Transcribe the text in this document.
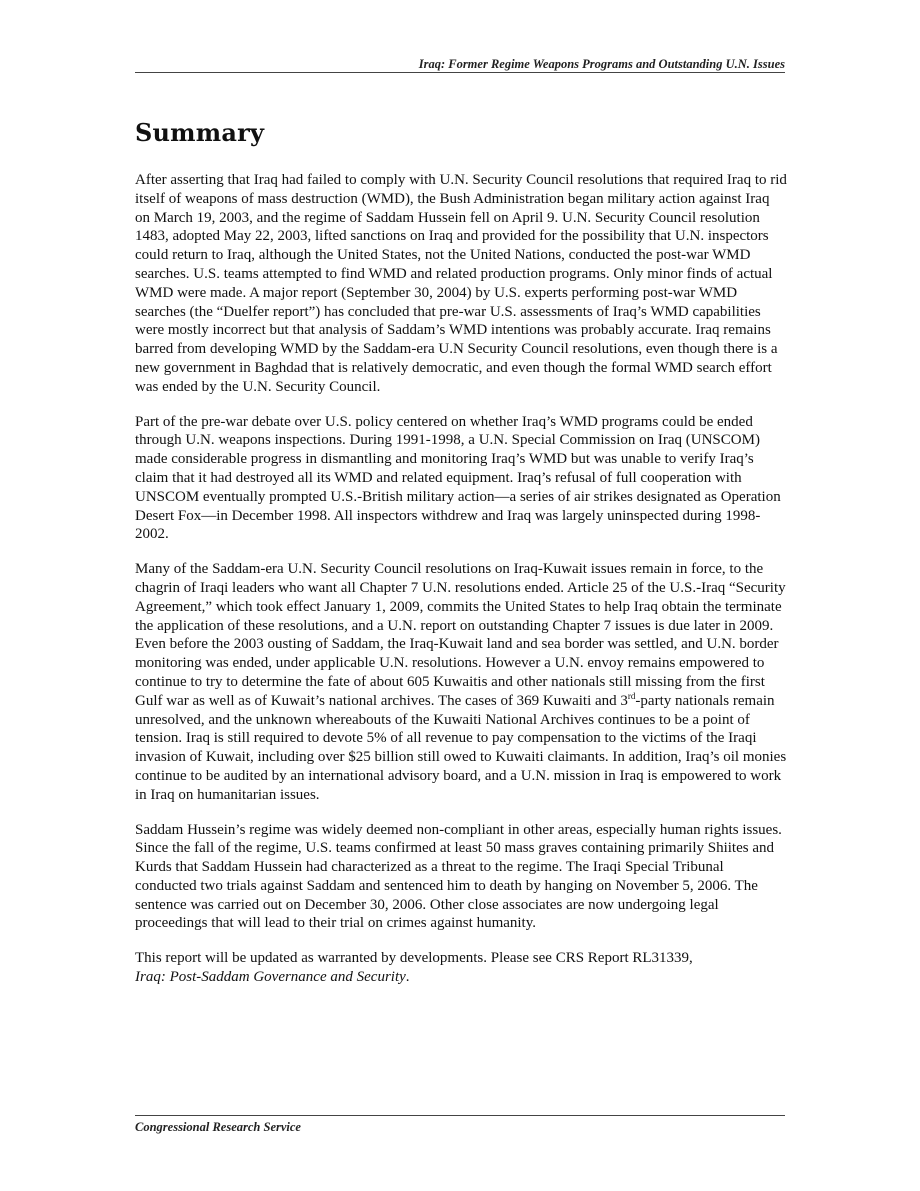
Iraq: Former Regime Weapons Programs and Outstanding U.N. Issues
Summary

After asserting that Iraq had failed to comply with U.N. Security Council resolutions that required Iraq to rid itself of weapons of mass destruction (WMD), the Bush Administration began military action against Iraq on March 19, 2003, and the regime of Saddam Hussein fell on April 9. U.N. Security Council resolution 1483, adopted May 22, 2003, lifted sanctions on Iraq and provided for the possibility that U.N. inspectors could return to Iraq, although the United States, not the United Nations, conducted the post-war WMD searches. U.S. teams attempted to find WMD and related production programs. Only minor finds of actual WMD were made. A major report (September 30, 2004) by U.S. experts performing post-war WMD searches (the “Duelfer report”) has concluded that pre-war U.S. assessments of Iraq’s WMD capabilities were mostly incorrect but that analysis of Saddam’s WMD intentions was probably accurate. Iraq remains barred from developing WMD by the Saddam-era U.N Security Council resolutions, even though there is a new government in Baghdad that is relatively democratic, and even though the formal WMD search effort was ended by the U.N. Security Council.

Part of the pre-war debate over U.S. policy centered on whether Iraq’s WMD programs could be ended through U.N. weapons inspections. During 1991-1998, a U.N. Special Commission on Iraq (UNSCOM) made considerable progress in dismantling and monitoring Iraq’s WMD but was unable to verify Iraq’s claim that it had destroyed all its WMD and related equipment. Iraq’s refusal of full cooperation with UNSCOM eventually prompted U.S.-British military action—a series of air strikes designated as Operation Desert Fox—in December 1998. All inspectors withdrew and Iraq was largely uninspected during 1998-2002.

Many of the Saddam-era U.N. Security Council resolutions on Iraq-Kuwait issues remain in force, to the chagrin of Iraqi leaders who want all Chapter 7 U.N. resolutions ended. Article 25 of the U.S.-Iraq “Security Agreement,” which took effect January 1, 2009, commits the United States to help Iraq obtain the terminate the application of these resolutions, and a U.N. report on outstanding Chapter 7 issues is due later in 2009. Even before the 2003 ousting of Saddam, the Iraq-Kuwait land and sea border was settled, and U.N. border monitoring was ended, under applicable U.N. resolutions. However a U.N. envoy remains empowered to continue to try to determine the fate of about 605 Kuwaitis and other nationals still missing from the first Gulf war as well as of Kuwait’s national archives. The cases of 369 Kuwaiti and 3rd-party nationals remain unresolved, and the unknown whereabouts of the Kuwaiti National Archives continues to be a point of tension. Iraq is still required to devote 5% of all revenue to pay compensation to the victims of the Iraqi invasion of Kuwait, including over $25 billion still owed to Kuwaiti claimants. In addition, Iraq’s oil monies continue to be audited by an international advisory board, and a U.N. mission in Iraq is empowered to work in Iraq on humanitarian issues.

Saddam Hussein’s regime was widely deemed non-compliant in other areas, especially human rights issues. Since the fall of the regime, U.S. teams confirmed at least 50 mass graves containing primarily Shiites and Kurds that Saddam Hussein had characterized as a threat to the regime. The Iraqi Special Tribunal conducted two trials against Saddam and sentenced him to death by hanging on November 5, 2006. The sentence was carried out on December 30, 2006. Other close associates are now undergoing legal proceedings that will lead to their trial on crimes against humanity.

This report will be updated as warranted by developments. Please see CRS Report RL31339,
Iraq: Post-Saddam Governance and Security.

Congressional Research Service
